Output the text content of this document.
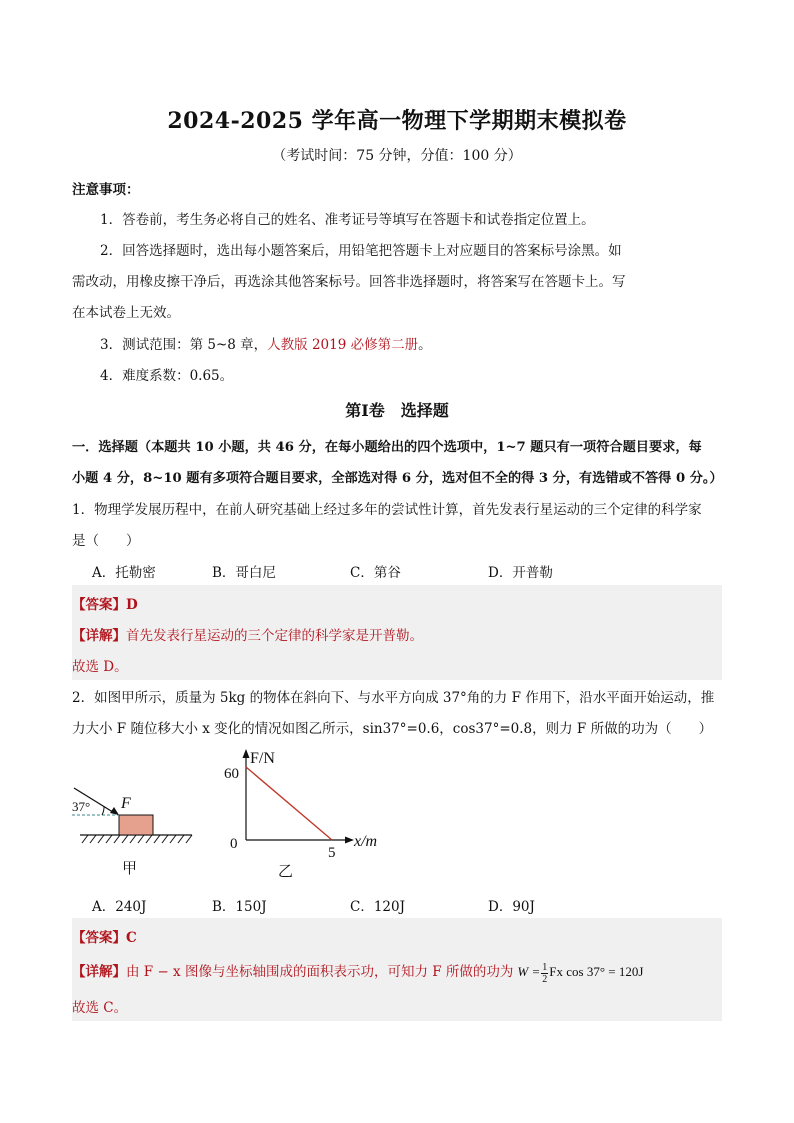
2024-2025 学年高一物理下学期期末模拟卷
（考试时间：75 分钟，分值：100 分）
注意事项：
1．答卷前，考生务必将自己的姓名、准考证号等填写在答题卡和试卷指定位置上。
2．回答选择题时，选出每小题答案后，用铅笔把答题卡上对应题目的答案标号涂黑。如
需改动，用橡皮擦干净后，再选涂其他答案标号。回答非选择题时，将答案写在答题卡上。写
在本试卷上无效。
3．测试范围：第 5~8 章，人教版 2019 必修第二册。
4．难度系数：0.65。
第Ⅰ卷　选择题
一．选择题（本题共 10 小题，共 46 分，在每小题给出的四个选项中，1~7 题只有一项符合题目要求，每
小题 4 分，8~10 题有多项符合题目要求，全部选对得 6 分，选对但不全的得 3 分，有选错或不答得 0 分。）
1．物理学发展历程中，在前人研究基础上经过多年的尝试性计算，首先发表行星运动的三个定律的科学家
是（　　）
A．托勒密	B．哥白尼	C．第谷	D．开普勒
【答案】D
【详解】首先发表行星运动的三个定律的科学家是开普勒。
故选 D。
2．如图甲所示，质量为 5kg 的物体在斜向下、与水平方向成 37°角的力 F 作用下，沿水平面开始运动，推
力大小 F 随位移大小 x 变化的情况如图乙所示，sin37°=0.6，cos37°=0.8，则力 F 所做的功为（　　）
37° F
甲
F/N
60
0
5
x/m
乙
A．240J	B．150J	C．120J	D．90J
【答案】C
【详解】由 F − x 图像与坐标轴围成的面积表示功，可知力 F 所做的功为 $W = \frac{1}{2}$ Fx cos 37° = 120J
故选 C。
